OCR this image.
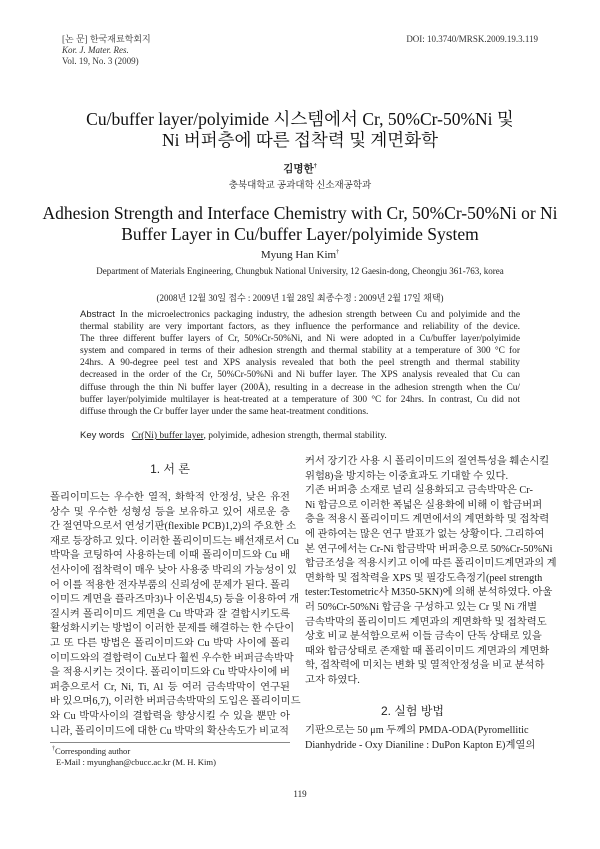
[논 문] 한국재료학회지
Kor. J. Mater. Res.
Vol. 19, No. 3 (2009)
DOI: 10.3740/MRSK.2009.19.3.119
Cu/buffer layer/polyimide 시스템에서 Cr, 50%Cr-50%Ni 및
Ni 버퍼층에 따른 접착력 및 계면화학
김명한†
충북대학교 공과대학 신소재공학과
Adhesion Strength and Interface Chemistry with Cr, 50%Cr-50%Ni or Ni
Buffer Layer in Cu/buffer Layer/polyimide System
Myung Han Kim†
Department of Materials Engineering, Chungbuk National University, 12 Gaesin-dong, Cheongju 361-763, korea
(2008년 12월 30일 접수 : 2009년 1월 28일 최종수정 : 2009년 2월 17일 채택)
Abstract In the microelectronics packaging industry, the adhesion strength between Cu and polyimide and the
thermal stability are very important factors, as they influence the performance and reliability of the device.
The three different buffer layers of Cr, 50%Cr-50%Ni, and Ni were adopted in a Cu/buffer layer/polyimide
system and compared in terms of their adhesion strength and thermal stability at a temperature of 300 °C for
24hrs. A 90-degree peel test and XPS analysis revealed that both the peel strength and thermal stability
decreased in the order of the Cr, 50%Cr-50%Ni and Ni buffer layer. The XPS analysis revealed that Cu can
diffuse through the thin Ni buffer layer (200Å), resulting in a decrease in the adhesion strength when the Cu/
buffer layer/polyimide multilayer is heat-treated at a temperature of 300 °C for 24hrs. In contrast, Cu did not
diffuse through the Cr buffer layer under the same heat-treatment conditions.
Key words Cr(Ni) buffer layer, polyimide, adhesion strength, thermal stability.
1. 서 론
폴리이미드는 우수한 열적, 화학적 안정성, 낮은 유전
상수 및 우수한 성형성 등을 보유하고 있어 새로운 층
간 절연막으로서 연성기판(flexible PCB)1,2)의 주요한 소
재로 등장하고 있다. 이러한 폴리이미드는 배선재로서 Cu
박막을 코팅하여 사용하는데 이때 폴리이미드와 Cu 배
선사이에 접착력이 매우 낮아 사용중 박리의 가능성이 있
어 이를 적용한 전자부품의 신뢰성에 문제가 된다. 폴리
이미드 계면을 플라즈마3)나 이온빔4,5) 등을 이용하여 개
질시켜 폴리이미드 계면을 Cu 박막과 잘 결합시키도록
활성화시키는 방법이 이러한 문제를 해결하는 한 수단이
고 또 다른 방법은 폴리이미드와 Cu 박막 사이에 폴리
이미드와의 결합력이 Cu보다 훨씬 우수한 버퍼금속박막
을 적용시키는 것이다. 폴리이미드와 Cu 박막사이에 버
퍼층으로서 Cr, Ni, Ti, Al 등 여러 금속박막이 연구된
바 있으며6,7), 이러한 버퍼금속박막의 도입은 폴리이미드
와 Cu 박막사이의 결합력을 향상시킬 수 있을 뿐만 아
니라, 폴리이미드에 대한 Cu 박막의 확산속도가 비교적
커서 장기간 사용 시 폴리이미드의 절연특성을 훼손시킬
위험8)을 방지하는 이중효과도 기대할 수 있다.
기존 버퍼층 소재로 널리 실용화되고 금속박막은 Cr-
Ni 합금으로 이러한 폭넓은 실용화에 비해 이 합금버퍼
층을 적용시 폴리이미드 계면에서의 계면화학 및 접착력
에 관하여는 많은 연구 발표가 없는 상황이다. 그리하여
본 연구에서는 Cr-Ni 합금박막 버퍼층으로 50%Cr-50%Ni
합금조성을 적용시키고 이에 따른 폴리이미드계면과의 계
면화학 및 접착력을 XPS 및 필강도측정기(peel strength
tester:Testometric사 M350-5KN)에 의해 분석하였다. 아울
러 50%Cr-50%Ni 합금을 구성하고 있는 Cr 및 Ni 개별
금속박막의 폴리이미드 계면과의 계면화학 및 접착력도
상호 비교 분석함으로써 이들 금속이 단독 상태로 있을
때와 합금상태로 존재할 때 폴리이미드 계면과의 계면화
학, 접착력에 미치는 변화 및 열적안정성을 비교 분석하
고자 하였다.
2. 실험 방법
기판으로는 50 μm 두께의 PMDA-ODA(Pyromellitic
Dianhydride - Oxy Dianiline : DuPon Kapton E)계열의
†Corresponding author
E-Mail : myunghan@cbucc.ac.kr (M. H. Kim)
119
